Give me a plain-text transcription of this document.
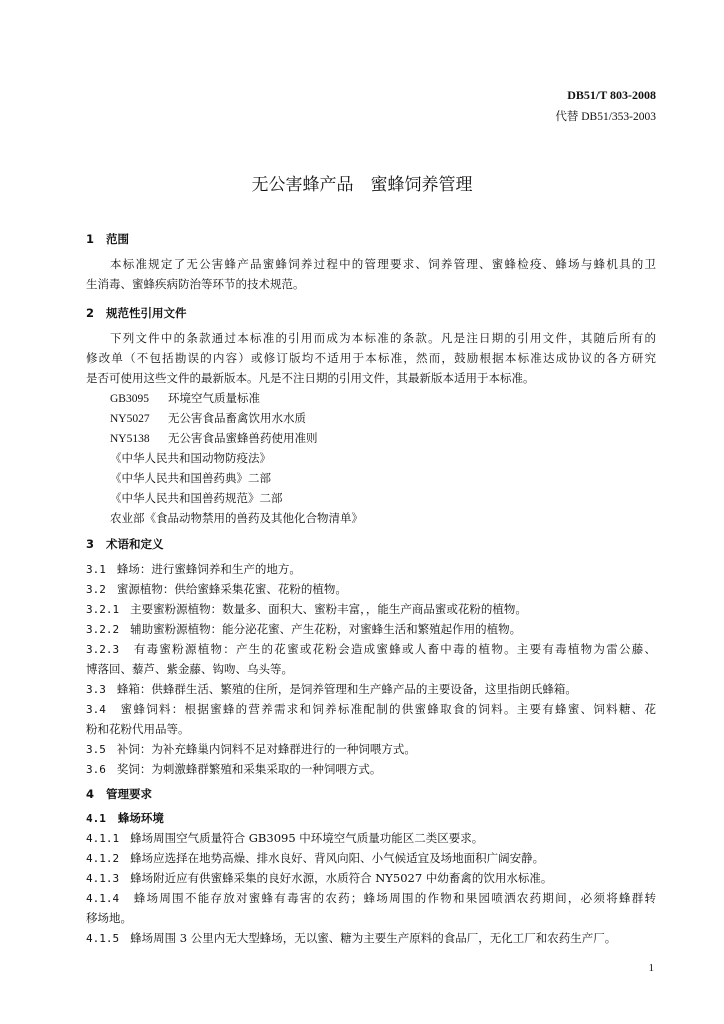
DB51/T 803-2008
代替 DB51/353-2003
无公害蜂产品　蜜蜂饲养管理
1 范围
本标准规定了无公害蜂产品蜜蜂饲养过程中的管理要求、饲养管理、蜜蜂检疫、蜂场与蜂机具的卫
生消毒、蜜蜂疾病防治等环节的技术规范。
2 规范性引用文件
下列文件中的条款通过本标准的引用而成为本标准的条款。凡是注日期的引用文件，其随后所有的
修改单（不包括勘误的内容）或修订版均不适用于本标准，然而，鼓励根据本标准达成协议的各方研究
是否可使用这些文件的最新版本。凡是不注日期的引用文件，其最新版本适用于本标准。
GB3095 环境空气质量标准
NY5027 无公害食品畜禽饮用水水质
NY5138 无公害食品蜜蜂兽药使用准则
《中华人民共和国动物防疫法》
《中华人民共和国兽药典》二部
《中华人民共和国兽药规范》二部
农业部《食品动物禁用的兽药及其他化合物清单》
3 术语和定义
3.1 蜂场：进行蜜蜂饲养和生产的地方。
3.2 蜜源植物：供给蜜蜂采集花蜜、花粉的植物。
3.2.1 主要蜜粉源植物：数量多、面积大、蜜粉丰富，，能生产商品蜜或花粉的植物。
3.2.2 辅助蜜粉源植物：能分泌花蜜、产生花粉，对蜜蜂生活和繁殖起作用的植物。
3.2.3 有毒蜜粉源植物：产生的花蜜或花粉会造成蜜蜂或人畜中毒的植物。主要有毒植物为雷公藤、
博落回、藜芦、紫金藤、钩吻、乌头等。
3.3 蜂箱：供蜂群生活、繁殖的住所，是饲养管理和生产蜂产品的主要设备，这里指朗氏蜂箱。
3.4 蜜蜂饲料：根据蜜蜂的营养需求和饲养标准配制的供蜜蜂取食的饲料。主要有蜂蜜、饲料糖、花
粉和花粉代用品等。
3.5 补饲：为补充蜂巢内饲料不足对蜂群进行的一种饲喂方式。
3.6 奖饲：为刺激蜂群繁殖和采集采取的一种饲喂方式。
4 管理要求
4.1 蜂场环境
4.1.1 蜂场周围空气质量符合 GB3095 中环境空气质量功能区二类区要求。
4.1.2 蜂场应选择在地势高燥、排水良好、背风向阳、小气候适宜及场地面积广阔安静。
4.1.3 蜂场附近应有供蜜蜂采集的良好水源，水质符合 NY5027 中幼畜禽的饮用水标准。
4.1.4 蜂场周围不能存放对蜜蜂有毒害的农药；蜂场周围的作物和果园喷洒农药期间，必须将蜂群转
移场地。
4.1.5 蜂场周围 3 公里内无大型蜂场，无以蜜、糖为主要生产原料的食品厂，无化工厂和农药生产厂。
1
